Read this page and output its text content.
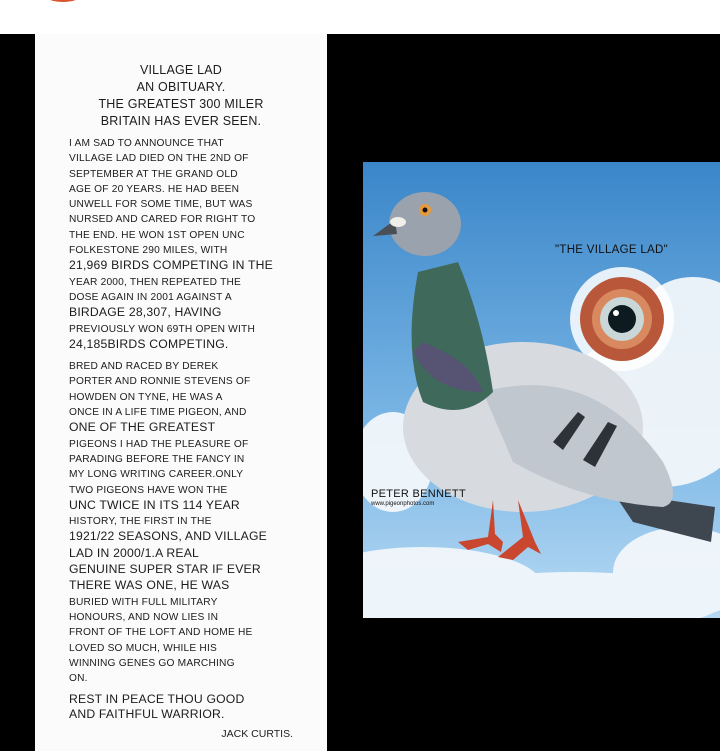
VILLAGE LAD
AN OBITUARY.
THE GREATEST 300 MILER
BRITAIN HAS EVER SEEN.

I AM SAD TO ANNOUNCE THAT
VILLAGE LAD DIED ON THE 2ND OF
SEPTEMBER AT THE GRAND OLD
AGE OF 20 YEARS. HE HAD BEEN
UNWELL FOR SOME TIME, BUT WAS
NURSED AND CARED FOR RIGHT TO
THE END. HE WON 1ST OPEN UNC
FOLKESTONE 290 MILES, WITH
21,969 BIRDS COMPETING IN THE
YEAR 2000, THEN REPEATED THE
DOSE AGAIN IN 2001 AGAINST A
BIRDAGE 28,307, HAVING
PREVIOUSLY WON 69TH OPEN WITH
24,185BIRDS COMPETING.

BRED AND RACED BY DEREK
PORTER AND RONNIE STEVENS OF
HOWDEN ON TYNE, HE WAS A
ONCE IN A LIFE TIME PIGEON, AND
ONE OF THE GREATEST
PIGEONS I HAD THE PLEASURE OF
PARADING BEFORE THE FANCY IN
MY LONG WRITING CAREER.ONLY
TWO PIGEONS HAVE WON THE
UNC TWICE IN ITS 114 YEAR
HISTORY, THE FIRST IN THE
1921/22 SEASONS, AND VILLAGE
LAD IN 2000/1.A REAL
GENUINE SUPER STAR IF EVER
THERE WAS ONE, HE WAS
BURIED WITH FULL MILITARY
HONOURS, AND NOW LIES IN
FRONT OF THE LOFT AND HOME HE
LOVED SO MUCH, WHILE HIS
WINNING GENES GO MARCHING
ON.

REST IN PEACE THOU GOOD
AND FAITHFUL WARRIOR.
JACK CURTIS.
"THE VILLAGE LAD"
PETER BENNETT
www.pigeonphotos.com
